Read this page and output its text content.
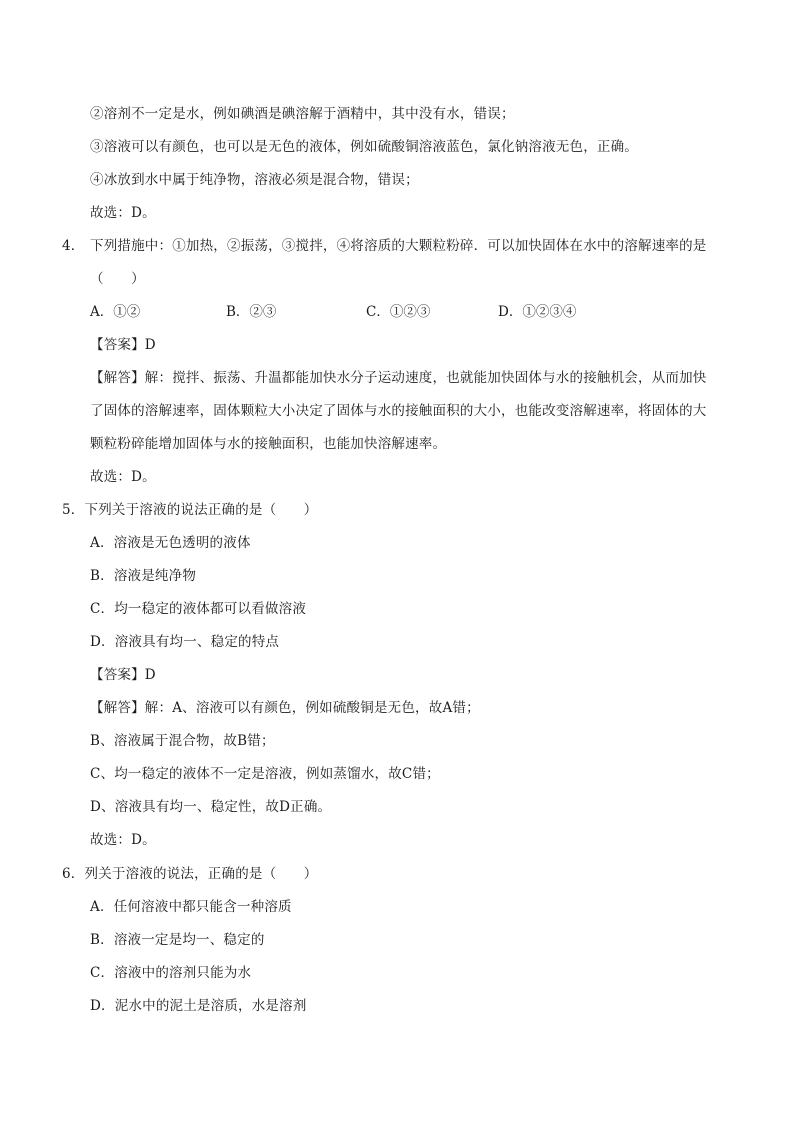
②溶剂不一定是水，例如碘酒是碘溶解于酒精中，其中没有水，错误；
③溶液可以有颜色，也可以是无色的液体，例如硫酸铜溶液蓝色，氯化钠溶液无色，正确。
④冰放到水中属于纯净物，溶液必须是混合物，错误；
故选：D。
4． 下列措施中：①加热，②振荡，③搅拌，④将溶质的大颗粒粉碎．可以加快固体在水中的溶解速率的是
（　　）
A．①②	B．②③	C．①②③	D．①②③④
【答案】D
【解答】解：搅拌、振荡、升温都能加快水分子运动速度，也就能加快固体与水的接触机会，从而加快
了固体的溶解速率，固体颗粒大小决定了固体与水的接触面积的大小，也能改变溶解速率，将固体的大
颗粒粉碎能增加固体与水的接触面积，也能加快溶解速率。
故选：D。
5．下列关于溶液的说法正确的是（　　）
A．溶液是无色透明的液体
B．溶液是纯净物
C．均一稳定的液体都可以看做溶液
D．溶液具有均一、稳定的特点
【答案】D
【解答】解：A、溶液可以有颜色，例如硫酸铜是无色，故A错；
B、溶液属于混合物，故B错；
C、均一稳定的液体不一定是溶液，例如蒸馏水，故C错；
D、溶液具有均一、稳定性，故D正确。
故选：D。
6．列关于溶液的说法，正确的是（　　）
A．任何溶液中都只能含一种溶质
B．溶液一定是均一、稳定的
C．溶液中的溶剂只能为水
D．泥水中的泥土是溶质，水是溶剂
